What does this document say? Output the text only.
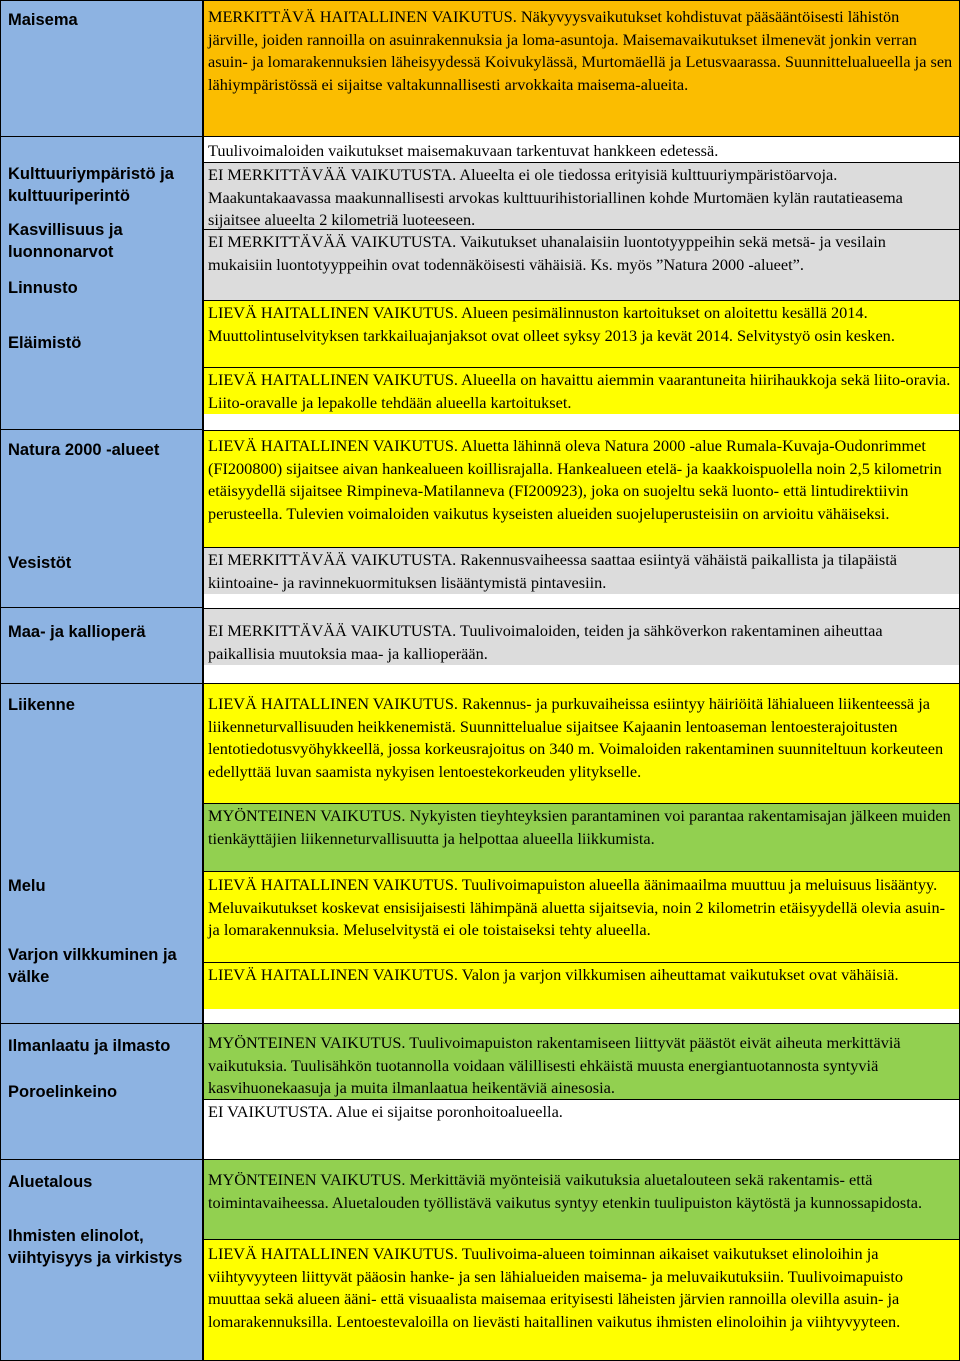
Maisema
Kulttuuriympäristö ja kulttuuriperintö
Kasvillisuus ja luonnonarvot
Linnusto
Eläimistö
Natura 2000 -alueet
Vesistöt
Maa- ja kallioperä
Liikenne
Melu
Varjon vilkkuminen ja välke
Ilmanlaatu ja ilmasto
Poroelinkeino
Aluetalous
Ihmisten elinolot, viihtyisyys ja virkistys

MERKITTÄVÄ HAITALLINEN VAIKUTUS. Näkyvyysvaikutukset kohdistuvat pääsääntöisesti lähistön järville, joiden rannoilla on asuinrakennuksia ja loma-asuntoja. Maisemavaikutukset ilmenevät jonkin verran asuin- ja lomarakennuksien läheisyydessä Koivukylässä, Murtomäellä ja Letusvaarassa. Suunnittelualueella ja sen lähiympäristössä ei sijaitse valtakunnallisesti arvokkaita maisema-alueita.

Tuulivoimaloiden vaikutukset maisemakuvaan tarkentuvat hankkeen edetessä.

EI MERKITTÄVÄÄ VAIKUTUSTA. Alueelta ei ole tiedossa erityisiä kulttuuriympäristöarvoja. Maakuntakaavassa maakunnallisesti arvokas kulttuurihistoriallinen kohde Murtomäen kylän rautatieasema sijaitsee alueelta 2 kilometriä luoteeseen.

EI MERKITTÄVÄÄ VAIKUTUSTA. Vaikutukset uhanalaisiin luontotyyppeihin sekä metsä- ja vesilain mukaisiin luontotyyppeihin ovat todennäköisesti vähäisiä. Ks. myös ”Natura 2000 -alueet”.

LIEVÄ HAITALLINEN VAIKUTUS. Alueen pesimälinnuston kartoitukset on aloitettu kesällä 2014. Muuttolintuselvityksen tarkkailuajanjaksot ovat olleet syksy 2013 ja kevät 2014. Selvitystyö osin kesken.

LIEVÄ HAITALLINEN VAIKUTUS. Alueella on havaittu aiemmin vaarantuneita hiirihaukkoja sekä liito-oravia. Liito-oravalle ja lepakolle tehdään alueella kartoitukset.

LIEVÄ HAITALLINEN VAIKUTUS. Aluetta lähinnä oleva Natura 2000 -alue Rumala-Kuvaja-Oudonrimmet (FI200800) sijaitsee aivan hankealueen koillisrajalla. Hankealueen etelä- ja kaakkoispuolella noin 2,5 kilometrin etäisyydellä sijaitsee Rimpineva-Matilanneva (FI200923), joka on suojeltu sekä luonto- että lintudirektiivin perusteella. Tulevien voimaloiden vaikutus kyseisten alueiden suojeluperusteisiin on arvioitu vähäiseksi.

EI MERKITTÄVÄÄ VAIKUTUSTA. Rakennusvaiheessa saattaa esiintyä vähäistä paikallista ja tilapäistä kiintoaine- ja ravinnekuormituksen lisääntymistä pintavesiin.

EI MERKITTÄVÄÄ VAIKUTUSTA. Tuulivoimaloiden, teiden ja sähköverkon rakentaminen aiheuttaa paikallisia muutoksia maa- ja kallioperään.

LIEVÄ HAITALLINEN VAIKUTUS. Rakennus- ja purkuvaiheissa esiintyy häiriöitä lähialueen liikenteessä ja liikenneturvallisuuden heikkenemistä. Suunnittelualue sijaitsee Kajaanin lentoaseman lentoesterajoitusten lentotiedotusvyöhykkeellä, jossa korkeusrajoitus on 340 m. Voimaloiden rakentaminen suunniteltuun korkeuteen edellyttää luvan saamista nykyisen lentoestekorkeuden ylitykselle.

MYÖNTEINEN VAIKUTUS. Nykyisten tieyhteyksien parantaminen voi parantaa rakentamisajan jälkeen muiden tienkäyttäjien liikenneturvallisuutta ja helpottaa alueella liikkumista.

LIEVÄ HAITALLINEN VAIKUTUS. Tuulivoimapuiston alueella äänimaailma muuttuu ja meluisuus lisääntyy. Meluvaikutukset koskevat ensisijaisesti lähimpänä aluetta sijaitsevia, noin 2 kilometrin etäisyydellä olevia asuin- ja lomarakennuksia. Meluselvitystä ei ole toistaiseksi tehty alueella.

LIEVÄ HAITALLINEN VAIKUTUS. Valon ja varjon vilkkumisen aiheuttamat vaikutukset ovat vähäisiä.

MYÖNTEINEN VAIKUTUS. Tuulivoimapuiston rakentamiseen liittyvät päästöt eivät aiheuta merkittäviä vaikutuksia. Tuulisähkön tuotannolla voidaan välillisesti ehkäistä muusta energiantuotannosta syntyviä kasvihuonekaasuja ja muita ilmanlaatua heikentäviä ainesosia.

EI VAIKUTUSTA. Alue ei sijaitse poronhoitoalueella.

MYÖNTEINEN VAIKUTUS. Merkittäviä myönteisiä vaikutuksia aluetalouteen sekä rakentamis- että toimintavaiheessa. Aluetalouden työllistävä vaikutus syntyy etenkin tuulipuiston käytöstä ja kunnossapidosta.

LIEVÄ HAITALLINEN VAIKUTUS. Tuulivoima-alueen toiminnan aikaiset vaikutukset elinoloihin ja viihtyvyyteen liittyvät pääosin hanke- ja sen lähialueiden maisema- ja meluvaikutuksiin. Tuulivoimapuisto muuttaa sekä alueen ääni- että visuaalista maisemaa erityisesti läheisten järvien rannoilla olevilla asuin- ja lomarakennuksilla. Lentoestevaloilla on lievästi haitallinen vaikutus ihmisten elinoloihin ja viihtyvyyteen.
